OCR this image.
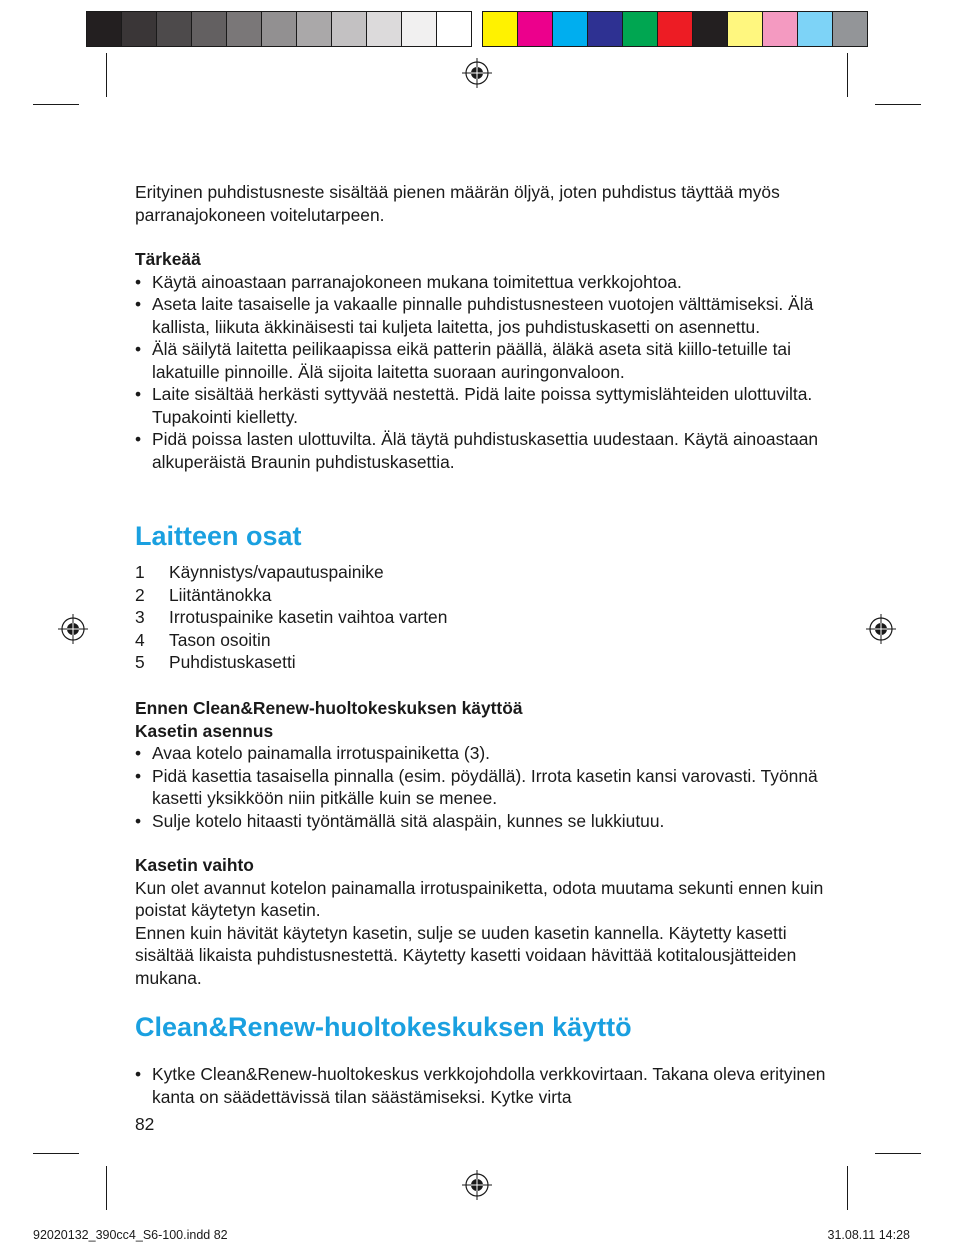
Erityinen puhdistusneste sisältää pienen määrän öljyä, joten puhdistus täyttää myös parranajokoneen voitelutarpeen.

Tärkeää

• Käytä ainoastaan parranajokoneen mukana toimitettua verkkojohtoa.
• Aseta laite tasaiselle ja vakaalle pinnalle puhdistusnesteen vuotojen välttämiseksi. Älä kallista, liikuta äkkinäisesti tai kuljeta laitetta, jos puhdistuskasetti on asennettu.
• Älä säilytä laitetta peilikaapissa eikä patterin päällä, äläkä aseta sitä kiillo-tetuille tai lakatuille pinnoille. Älä sijoita laitetta suoraan auringonvaloon.
• Laite sisältää herkästi syttyvää nestettä. Pidä laite poissa syttymislähteiden ulottuvilta. Tupakointi kielletty.
• Pidä poissa lasten ulottuvilta. Älä täytä puhdistuskasettia uudestaan. Käytä ainoastaan alkuperäistä Braunin puhdistuskasettia.
Laitteen osat
1	Käynnistys/vapautuspainike
2	Liitäntänokka
3	Irrotuspainike kasetin vaihtoa varten
4	Tason osoitin
5	Puhdistuskasetti

Ennen Clean&Renew-huoltokeskuksen käyttöä

Kasetin asennus

• Avaa kotelo painamalla irrotuspainiketta (3).
• Pidä kasettia tasaisella pinnalla (esim. pöydällä). Irrota kasetin kansi varovasti. Työnnä kasetti yksikköön niin pitkälle kuin se menee.
• Sulje kotelo hitaasti työntämällä sitä alaspäin, kunnes se lukkiutuu.

Kasetin vaihto

Kun olet avannut kotelon painamalla irrotuspainiketta, odota muutama sekunti ennen kuin poistat käytetyn kasetin.

Ennen kuin hävität käytetyn kasetin, sulje se uuden kasetin kannella. Käytetty kasetti sisältää likaista puhdistusnestettä. Käytetty kasetti voidaan hävittää kotitalousjätteiden mukana.

Clean&Renew-huoltokeskuksen käyttö
• Kytke Clean&Renew-huoltokeskus verkkojohdolla verkkovirtaan. Takana oleva erityinen kanta on säädettävissä tilan säästämiseksi. Kytke virta
82
92020132_390cc4_S6-100.indd 82	31.08.11 14:28
